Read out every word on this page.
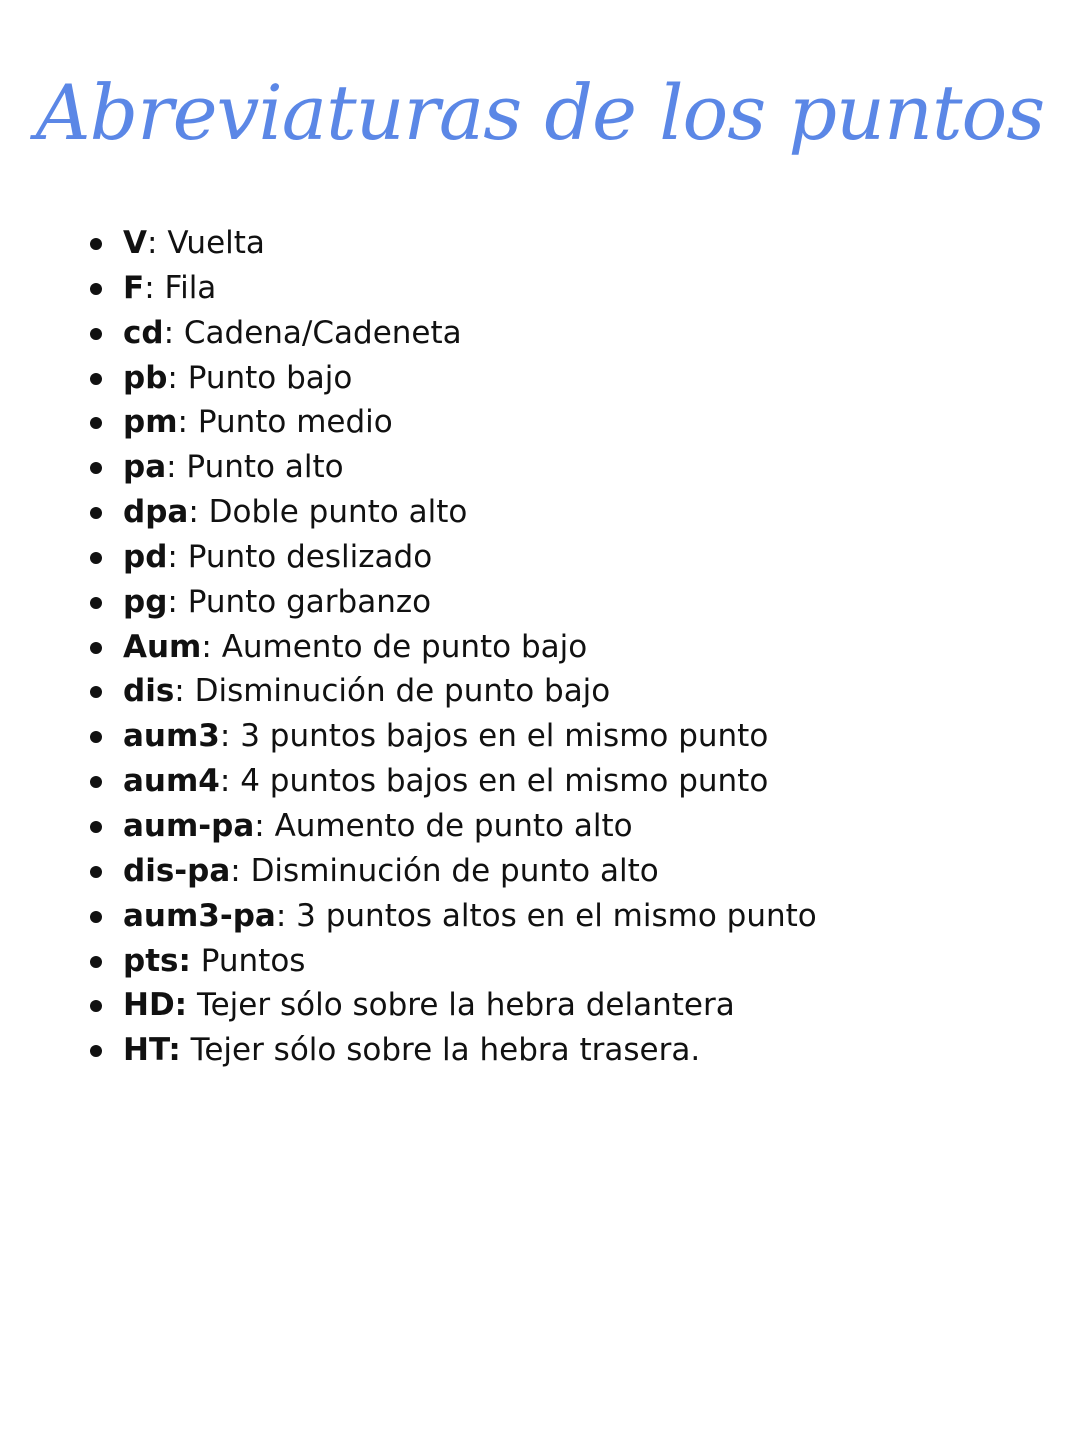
Abreviaturas de los puntos
V: Vuelta
F: Fila
cd: Cadena/Cadeneta
pb: Punto bajo
pm: Punto medio
pa: Punto alto
dpa: Doble punto alto
pd: Punto deslizado
pg: Punto garbanzo
Aum: Aumento de punto bajo
dis: Disminución de punto bajo
aum3: 3 puntos bajos en el mismo punto
aum4: 4 puntos bajos en el mismo punto
aum-pa: Aumento de punto alto
dis-pa: Disminución de punto alto
aum3-pa: 3 puntos altos en el mismo punto
pts: Puntos
HD: Tejer sólo sobre la hebra delantera
HT: Tejer sólo sobre la hebra trasera.
